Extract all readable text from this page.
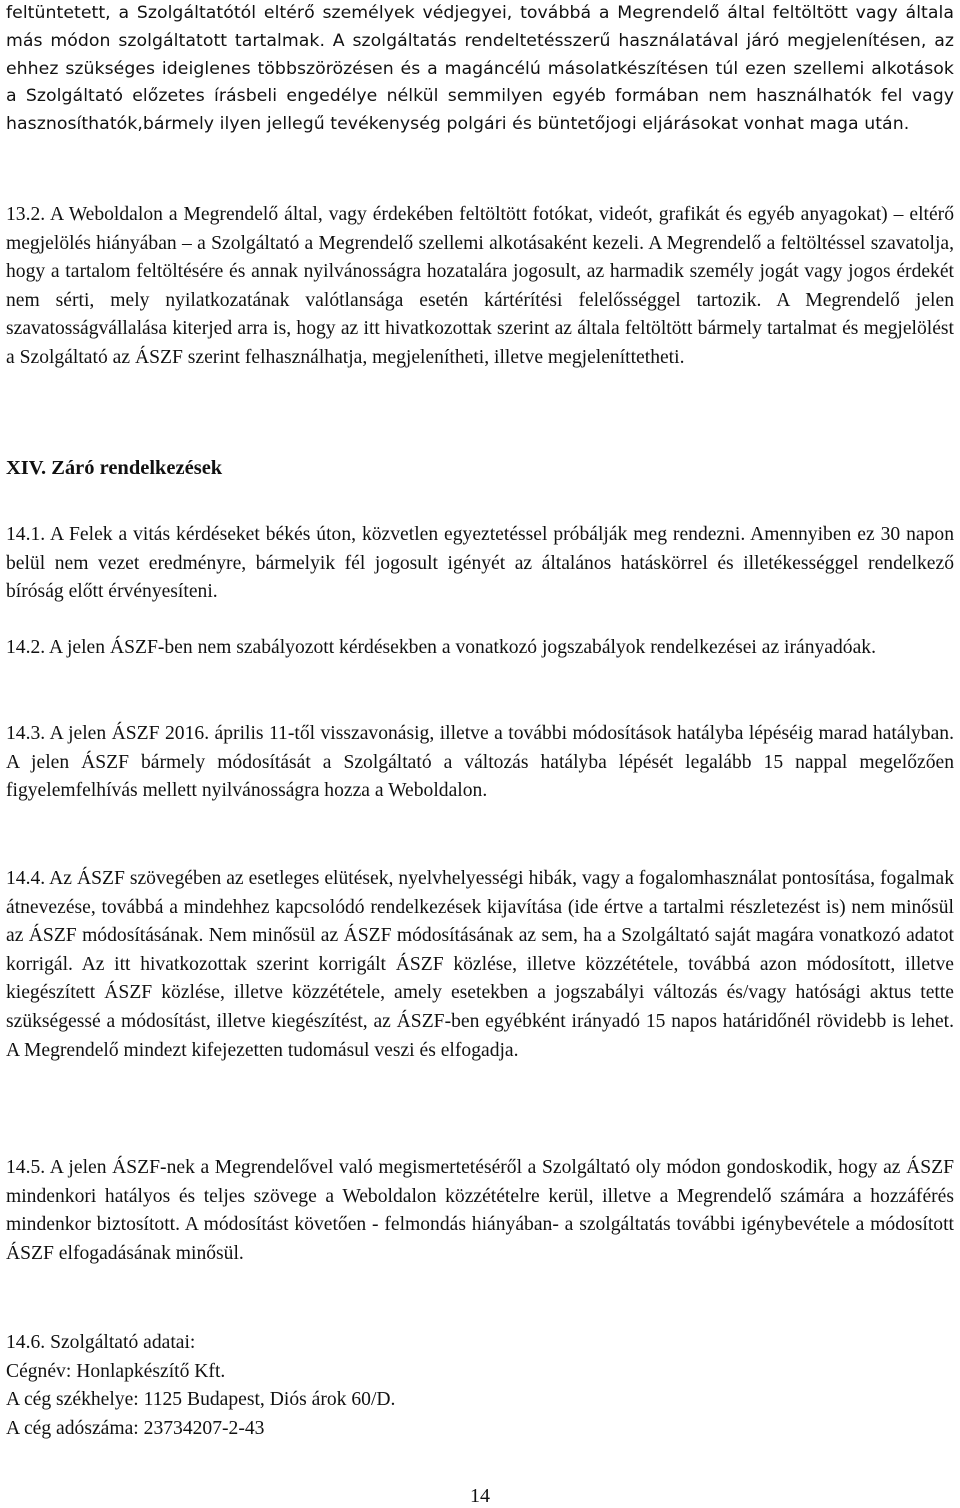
feltüntetett, a Szolgáltatótól eltérő személyek védjegyei, továbbá a Megrendelő által feltöltött vagy általa más módon szolgáltatott tartalmak. A szolgáltatás rendeltetésszerű használatával járó megjelenítésen, az ehhez szükséges ideiglenes többszörözésen és a magáncélú másolatkészítésen túl ezen szellemi alkotások a Szolgáltató előzetes írásbeli engedélye nélkül semmilyen egyéb formában nem használhatók fel vagy hasznosíthatók,bármely ilyen jellegű tevékenység polgári és büntetőjogi eljárásokat vonhat maga után.

13.2. A Weboldalon a Megrendelő által, vagy érdekében feltöltött fotókat, videót, grafikát és egyéb anyagokat) – eltérő megjelölés hiányában – a Szolgáltató a Megrendelő szellemi alkotásaként kezeli. A Megrendelő a feltöltéssel szavatolja, hogy a tartalom feltöltésére és annak nyilvánosságra hozatalára jogosult, az harmadik személy jogát vagy jogos érdekét nem sérti, mely nyilatkozatának valótlansága esetén kártérítési felelősséggel tartozik. A Megrendelő jelen szavatosságvállalása kiterjed arra is, hogy az itt hivatkozottak szerint az általa feltöltött bármely tartalmat és megjelölést a Szolgáltató az ÁSZF szerint felhasználhatja, megjelenítheti, illetve megjeleníttetheti.

XIV. Záró rendelkezések

14.1. A Felek a vitás kérdéseket békés úton, közvetlen egyeztetéssel próbálják meg rendezni. Amennyiben ez 30 napon belül nem vezet eredményre, bármelyik fél jogosult igényét az általános hatáskörrel és illetékességgel rendelkező bíróság előtt érvényesíteni.

14.2. A jelen ÁSZF-ben nem szabályozott kérdésekben a vonatkozó jogszabályok rendelkezései az irányadóak.

14.3. A jelen ÁSZF 2016. április 11-től visszavonásig, illetve a további módosítások hatályba lépéséig marad hatályban. A jelen ÁSZF bármely módosítását a Szolgáltató a változás hatályba lépését legalább 15 nappal megelőzően figyelemfelhívás mellett nyilvánosságra hozza a Weboldalon.

14.4. Az ÁSZF szövegében az esetleges elütések, nyelvhelyességi hibák, vagy a fogalomhasználat pontosítása, fogalmak átnevezése, továbbá a mindehhez kapcsolódó rendelkezések kijavítása (ide értve a tartalmi részletezést is) nem minősül az ÁSZF módosításának. Nem minősül az ÁSZF módosításának az sem, ha a Szolgáltató saját magára vonatkozó adatot korrigál. Az itt hivatkozottak szerint korrigált ÁSZF közlése, illetve közzététele, továbbá azon módosított, illetve kiegészített ÁSZF közlése, illetve közzététele, amely esetekben a jogszabályi változás és/vagy hatósági aktus tette szükségessé a módosítást, illetve kiegészítést, az ÁSZF-ben egyébként irányadó 15 napos határidőnél rövidebb is lehet. A Megrendelő mindezt kifejezetten tudomásul veszi és elfogadja.

14.5. A jelen ÁSZF-nek a Megrendelővel való megismertetéséről a Szolgáltató oly módon gondoskodik, hogy az ÁSZF mindenkori hatályos és teljes szövege a Weboldalon közzétételre kerül, illetve a Megrendelő számára a hozzáférés mindenkor biztosított. A módosítást követően - felmondás hiányában- a szolgáltatás további igénybevétele a módosított ÁSZF elfogadásának minősül.

14.6. Szolgáltató adatai:
Cégnév: Honlapkészítő Kft.
A cég székhelye: 1125 Budapest, Diós árok 60/D.
A cég adószáma: 23734207-2-43
14
